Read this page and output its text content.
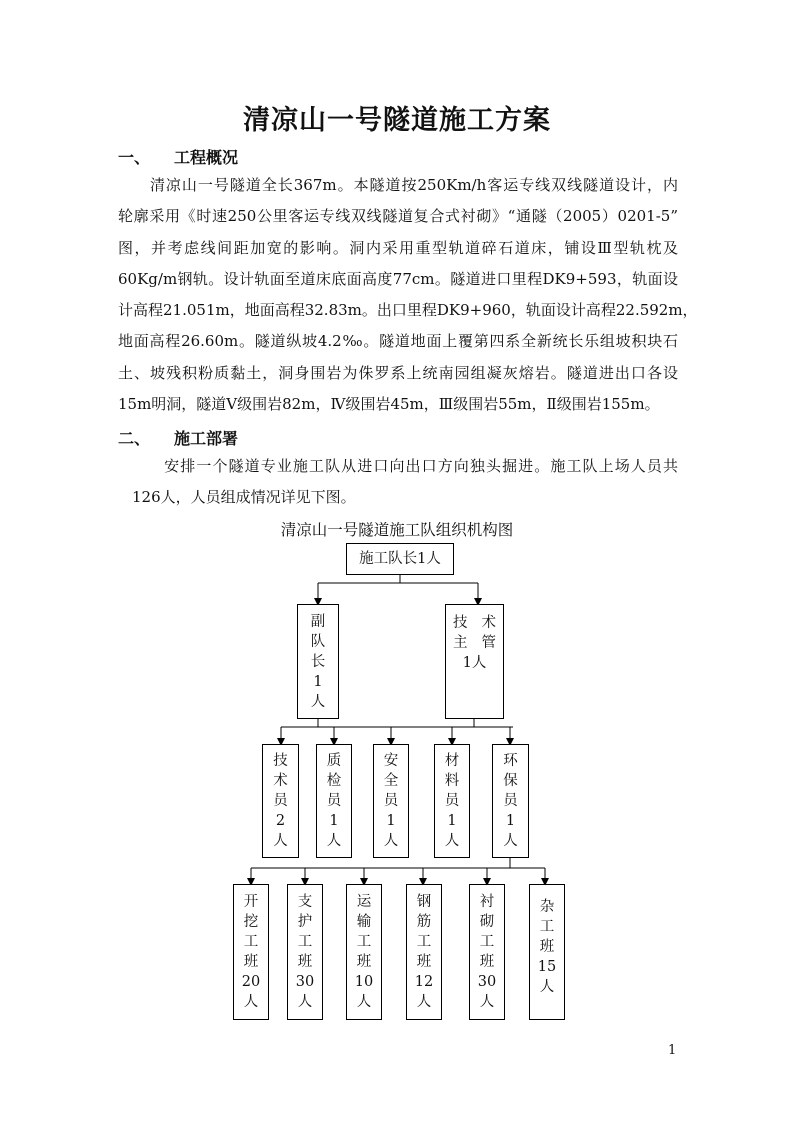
清凉山一号隧道施工方案
一、 工程概况
　　清凉山一号隧道全长367m。本隧道按250Km/h客运专线双线隧道设计，内
轮廓采用《时速250公里客运专线双线隧道复合式衬砌》“通隧（2005）0201-5”
图，并考虑线间距加宽的影响。洞内采用重型轨道碎石道床，铺设Ⅲ型轨枕及
60Kg/m钢轨。设计轨面至道床底面高度77cm。隧道进口里程DK9+593，轨面设
计高程21.051m，地面高程32.83m。出口里程DK9+960，轨面设计高程22.592m，
地面高程26.60m。隧道纵坡4.2‰。隧道地面上覆第四系全新统长乐组坡积块石
土、坡残积粉质黏土，洞身围岩为侏罗系上统南园组凝灰熔岩。隧道进出口各设
15m明洞，隧道Ⅴ级围岩82m，Ⅳ级围岩45m，Ⅲ级围岩55m，Ⅱ级围岩155m。
二、 施工部署
　　安排一个隧道专业施工队从进口向出口方向独头掘进。施工队上场人员共
126人，人员组成情况详见下图。
清凉山一号隧道施工队组织机构图
施工队长1人
副
队
长
1
人
技术
主管
1人
技
术
员
2
人
质
检
员
1
人
安
全
员
1
人
材
料
员
1
人
环
保
员
1
人
开
挖
工
班
20
人
支
护
工
班
30
人
运
输
工
班
10
人
钢
筋
工
班
12
人
衬
砌
工
班
30
人
杂
工
班
15
人
1
